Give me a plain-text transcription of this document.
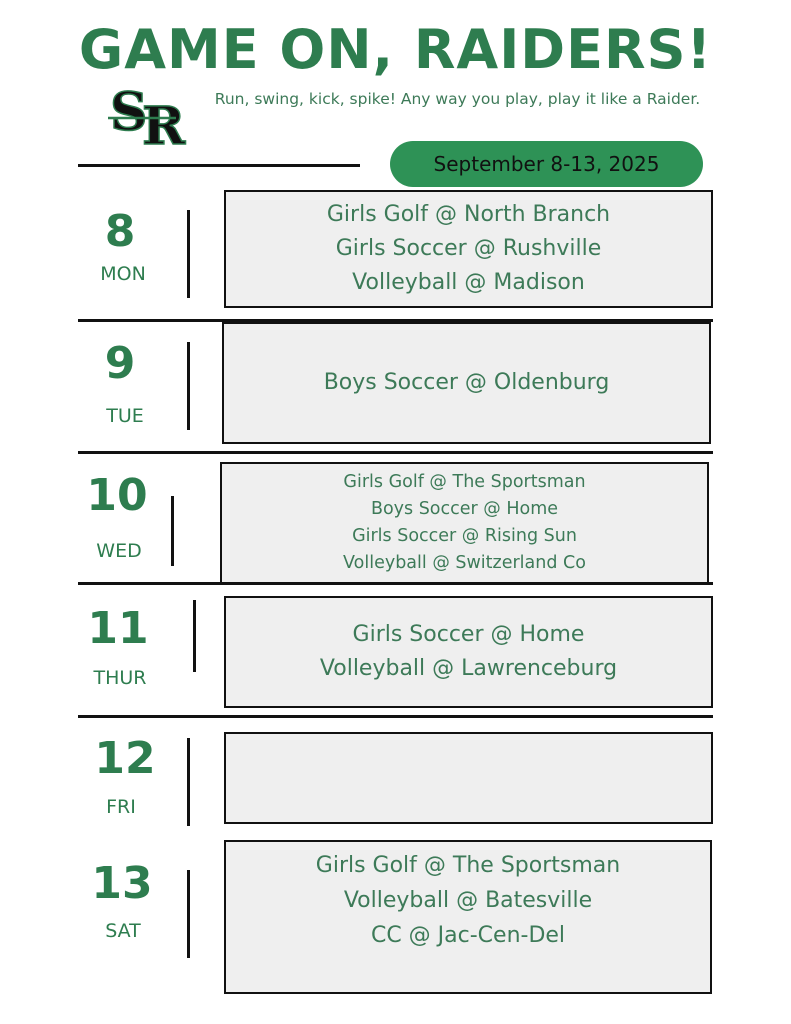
GAME ON, RAIDERS!
S
R	Run, swing, kick, spike! Any way you play, play it like a Raider.
September 8-13, 2025
8
MON
Girls Golf @ North Branch
Girls Soccer @ Rushville
Volleyball @ Madison
9
TUE
Boys Soccer @ Oldenburg
10
WED
Girls Golf @ The Sportsman
Boys Soccer @ Home
Girls Soccer @ Rising Sun
Volleyball @ Switzerland Co
11
THUR
Girls Soccer @ Home
Volleyball @ Lawrenceburg
12
FRI
13
SAT
Girls Golf @ The Sportsman
Volleyball @ Batesville
CC @ Jac-Cen-Del
